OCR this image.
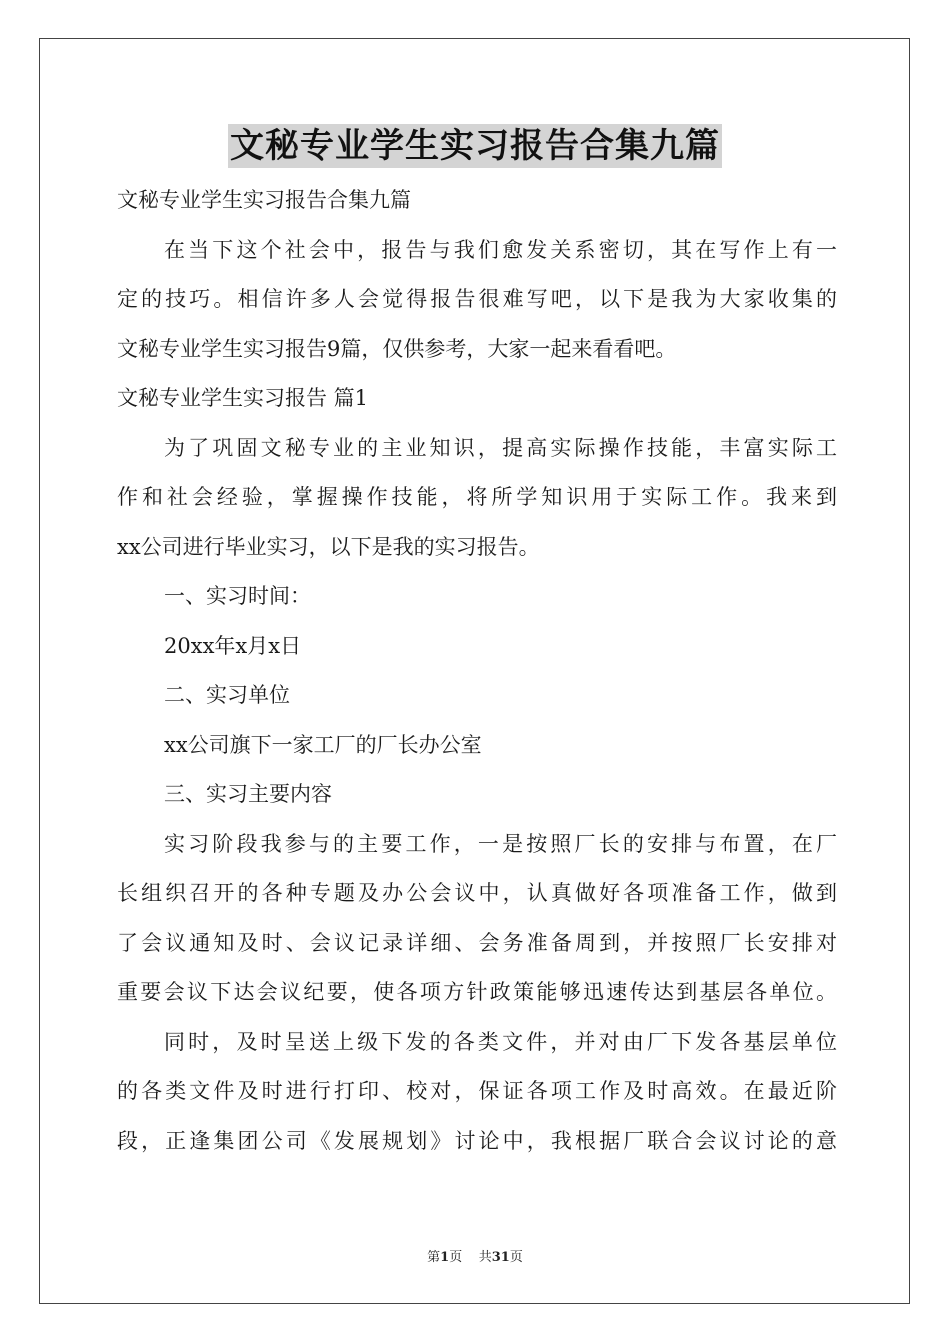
文秘专业学生实习报告合集九篇
文秘专业学生实习报告合集九篇
在当下这个社会中，报告与我们愈发关系密切，其在写作上有一
定的技巧。相信许多人会觉得报告很难写吧，以下是我为大家收集的
文秘专业学生实习报告9篇，仅供参考，大家一起来看看吧。
文秘专业学生实习报告 篇1
为了巩固文秘专业的主业知识，提高实际操作技能，丰富实际工
作和社会经验，掌握操作技能，将所学知识用于实际工作。我来到
xx公司进行毕业实习，以下是我的实习报告。
一、实习时间：
20xx年x月x日
二、实习单位
xx公司旗下一家工厂的厂长办公室
三、实习主要内容
实习阶段我参与的主要工作，一是按照厂长的安排与布置，在厂
长组织召开的各种专题及办公会议中，认真做好各项准备工作，做到
了会议通知及时、会议记录详细、会务准备周到，并按照厂长安排对
重要会议下达会议纪要，使各项方针政策能够迅速传达到基层各单位。
同时，及时呈送上级下发的各类文件，并对由厂下发各基层单位
的各类文件及时进行打印、校对，保证各项工作及时高效。在最近阶
段，正逢集团公司《发展规划》讨论中，我根据厂联合会议讨论的意
第1页 共31页
